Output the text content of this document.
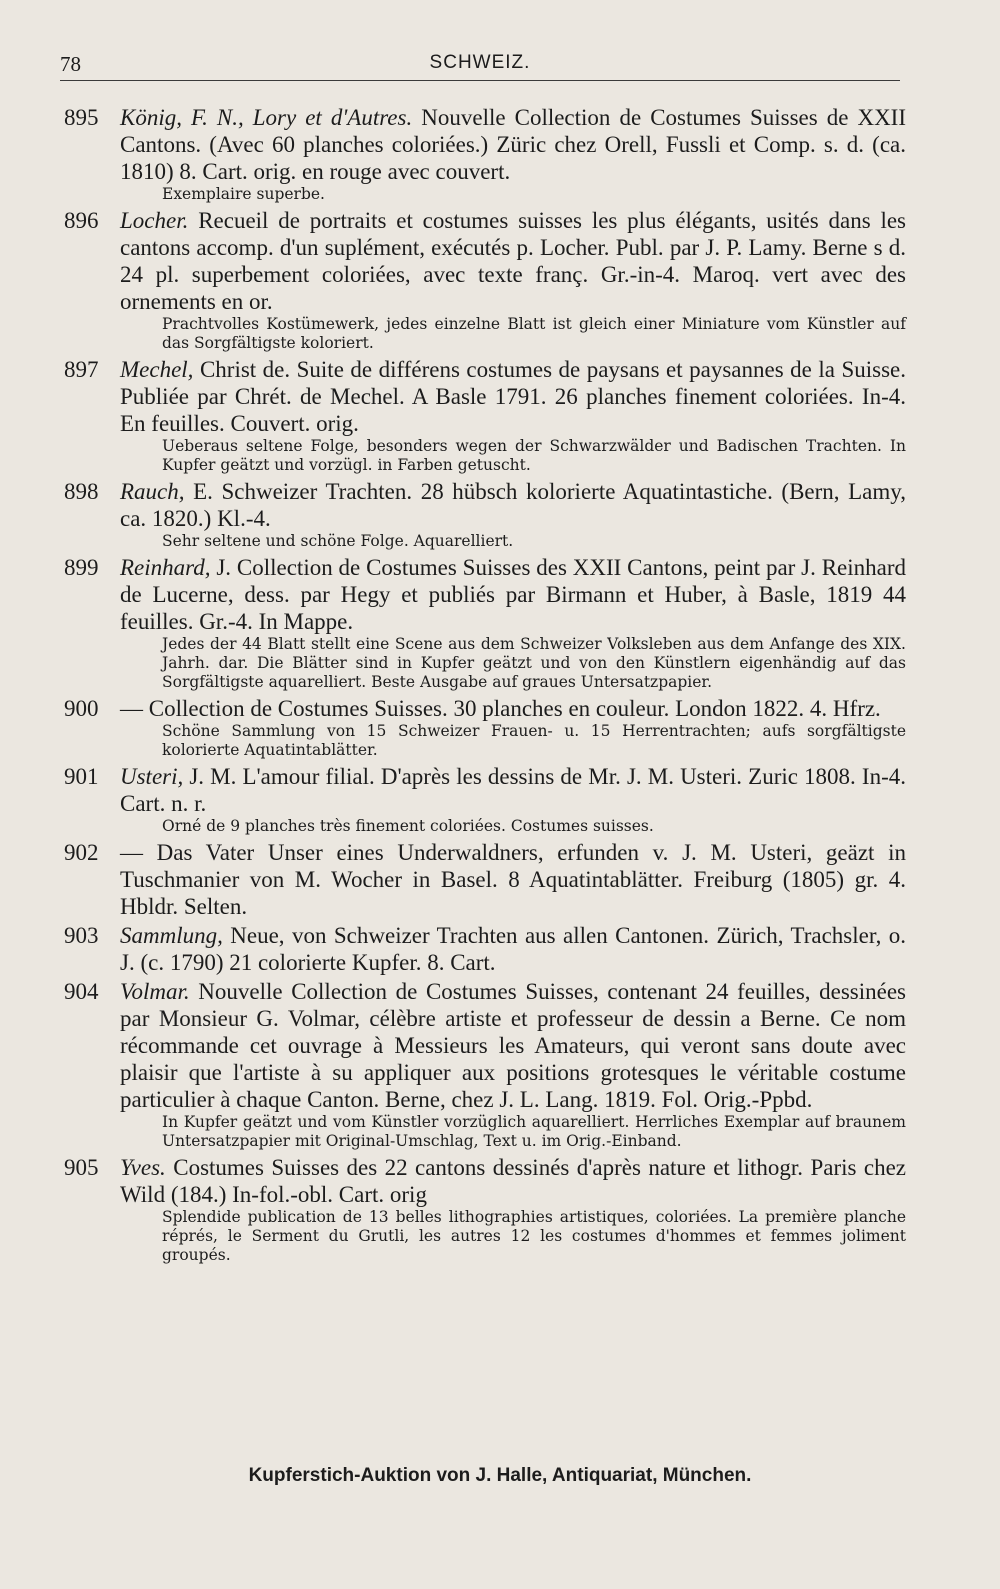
78	SCHWEIZ.
895 König, F. N., Lory et d'Autres. Nouvelle Collection de Costumes Suisses de XXII Cantons. (Avec 60 planches coloriées.) Züric chez Orell, Fussli et Comp. s. d. (ca. 1810) 8. Cart. orig. en rouge avec couvert.
Exemplaire superbe.
896 Locher. Recueil de portraits et costumes suisses les plus élégants, usités dans les cantons accomp. d'un suplément, exécutés p. Locher. Publ. par J. P. Lamy. Berne s d. 24 pl. superbement coloriées, avec texte franç. Gr.-in-4. Maroq. vert avec des ornements en or.
Prachtvolles Kostümewerk, jedes einzelne Blatt ist gleich einer Miniature vom Künstler auf das Sorgfältigste koloriert.
897 Mechel, Christ de. Suite de différens costumes de paysans et paysannes de la Suisse. Publiée par Chrét. de Mechel. A Basle 1791. 26 planches finement coloriées. In-4. En feuilles. Couvert. orig.
Ueberaus seltene Folge, besonders wegen der Schwarzwälder und Badischen Trachten. In Kupfer geätzt und vorzügl. in Farben getuscht.
898 Rauch, E. Schweizer Trachten. 28 hübsch kolorierte Aquatintastiche. (Bern, Lamy, ca. 1820.) Kl.-4.
Sehr seltene und schöne Folge. Aquarelliert.
899 Reinhard, J. Collection de Costumes Suisses des XXII Cantons, peint par J. Reinhard de Lucerne, dess. par Hegy et publiés par Birmann et Huber, à Basle, 1819 44 feuilles. Gr.-4. In Mappe.
Jedes der 44 Blatt stellt eine Scene aus dem Schweizer Volksleben aus dem Anfange des XIX. Jahrh. dar. Die Blätter sind in Kupfer geätzt und von den Künstlern eigenhändig auf das Sorgfältigste aquarelliert. Beste Ausgabe auf graues Untersatzpapier.
900 — Collection de Costumes Suisses. 30 planches en couleur. London 1822. 4. Hfrz.
Schöne Sammlung von 15 Schweizer Frauen- u. 15 Herrentrachten; aufs sorgfältigste kolorierte Aquatintablätter.
901 Usteri, J. M. L'amour filial. D'après les dessins de Mr. J. M. Usteri. Zuric 1808. In-4. Cart. n. r.
Orné de 9 planches très finement coloriées. Costumes suisses.
902 — Das Vater Unser eines Underwaldners, erfunden v. J. M. Usteri, geäzt in Tuschmanier von M. Wocher in Basel. 8 Aquatintablätter. Freiburg (1805) gr. 4. Hbldr. Selten.
903 Sammlung, Neue, von Schweizer Trachten aus allen Cantonen. Zürich, Trachsler, o. J. (c. 1790) 21 colorierte Kupfer. 8. Cart.
904 Volmar. Nouvelle Collection de Costumes Suisses, contenant 24 feuilles, dessinées par Monsieur G. Volmar, célèbre artiste et professeur de dessin a Berne. Ce nom récommande cet ouvrage à Messieurs les Amateurs, qui veront sans doute avec plaisir que l'artiste à su appliquer aux positions grotesques le véritable costume particulier à chaque Canton. Berne, chez J. L. Lang. 1819. Fol. Orig.-Ppbd.
In Kupfer geätzt und vom Künstler vorzüglich aquarelliert. Herrliches Exemplar auf braunem Untersatzpapier mit Original-Umschlag, Text u. im Orig.-Einband.
905 Yves. Costumes Suisses des 22 cantons dessinés d'après nature et lithogr. Paris chez Wild (184.) In-fol.-obl. Cart. orig
Splendide publication de 13 belles lithographies artistiques, coloriées. La première planche réprés, le Serment du Grutli, les autres 12 les costumes d'hommes et femmes joliment groupés.
Kupferstich-Auktion von J. Halle, Antiquariat, München.
